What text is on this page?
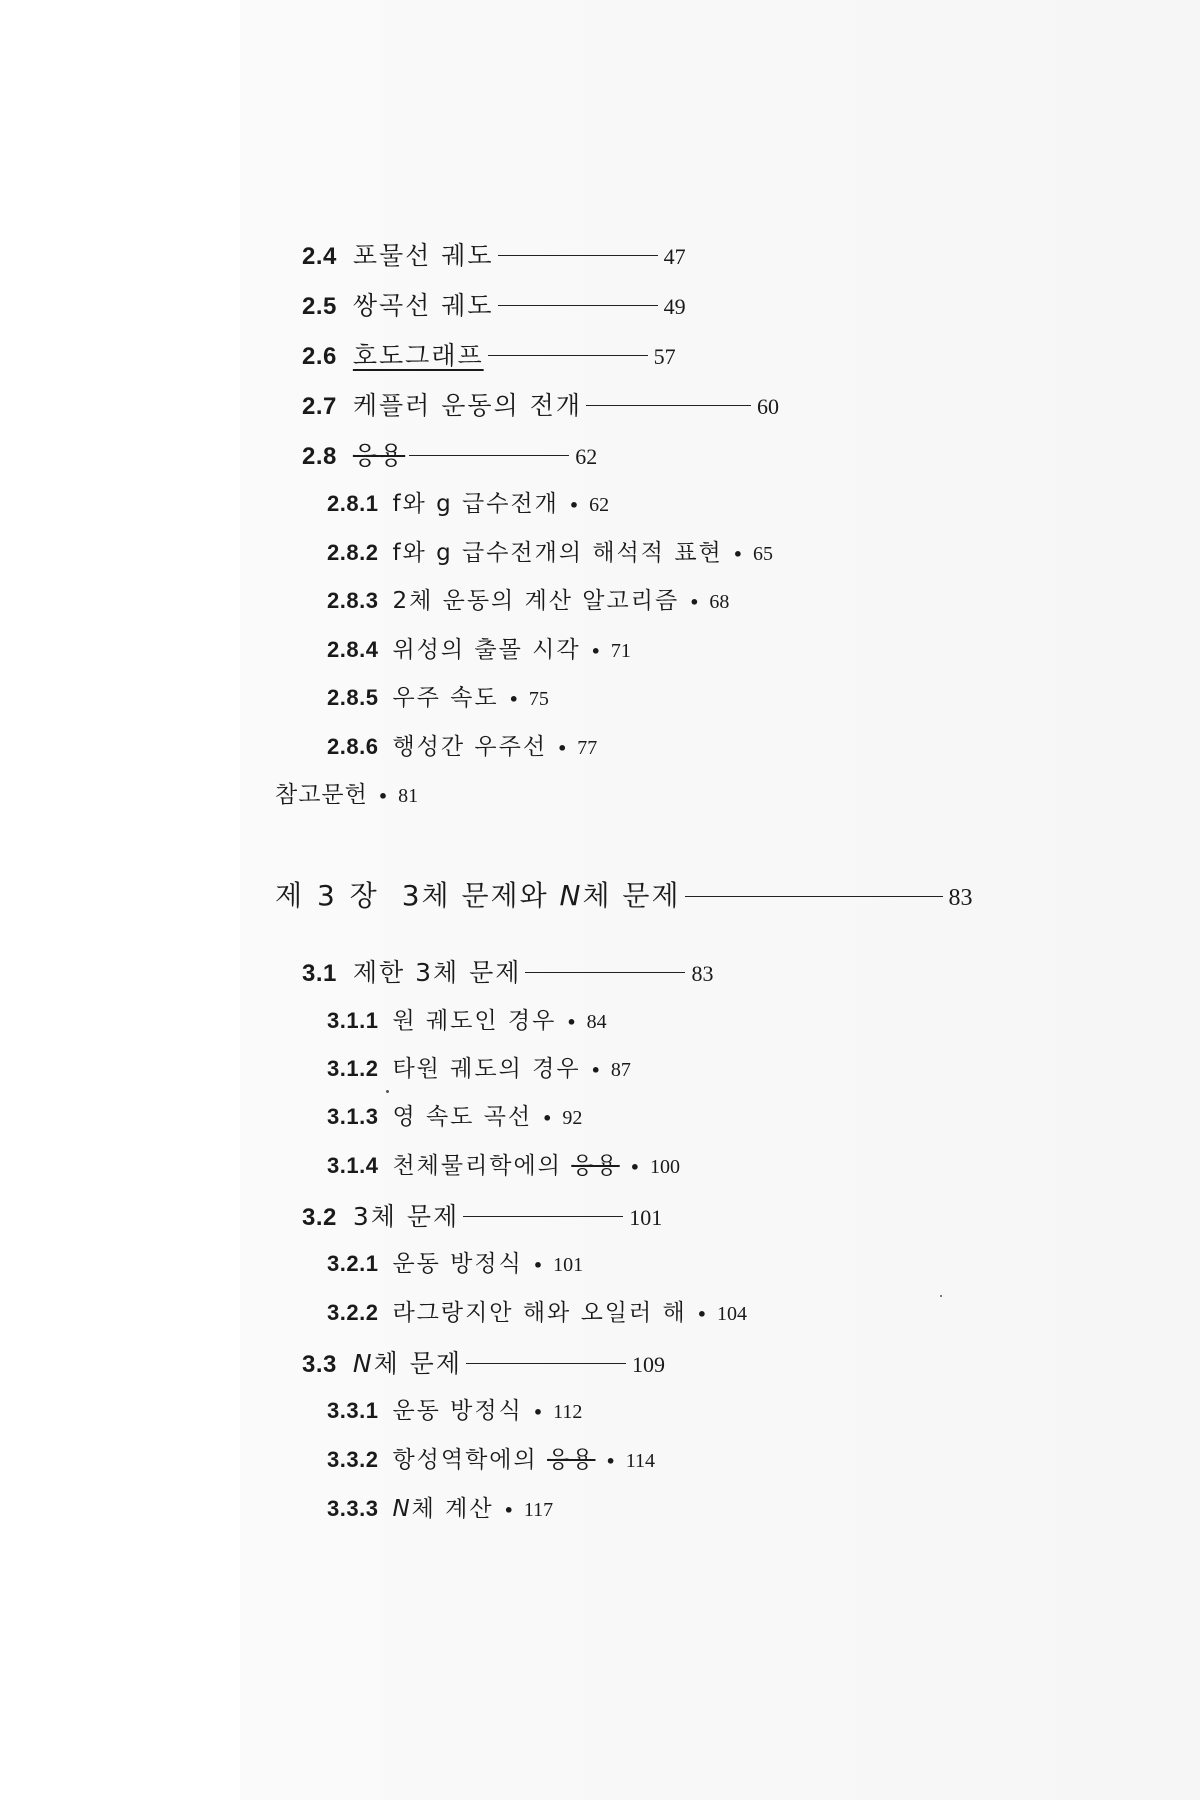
2.4 포물선 궤도	47
2.5 쌍곡선 궤도	49
2.6 호도그래프	57
2.7 케플러 운동의 전개	60
2.8 응용	62
2.8.1 f와 g 급수전개 • 62
2.8.2 f와 g 급수전개의 해석적 표현 • 65
2.8.3 2체 운동의 계산 알고리즘 • 68
2.8.4 위성의 출몰 시각 • 71
2.8.5 우주 속도 • 75
2.8.6 행성간 우주선 • 77
참고문헌 • 81
제 3 장 3체 문제와 N체 문제	83
3.1 제한 3체 문제	83
3.1.1 원 궤도인 경우 • 84
3.1.2 타원 궤도의 경우 • 87
3.1.3 영 속도 곡선 • 92
3.1.4 천체물리학에의 응용 • 100
3.2 3체 문제	101
3.2.1 운동 방정식 • 101
3.2.2 라그랑지안 해와 오일러 해 • 104
3.3 N체 문제	109
3.3.1 운동 방정식 • 112
3.3.2 항성역학에의 응용 • 114
3.3.3 N체 계산 • 117
